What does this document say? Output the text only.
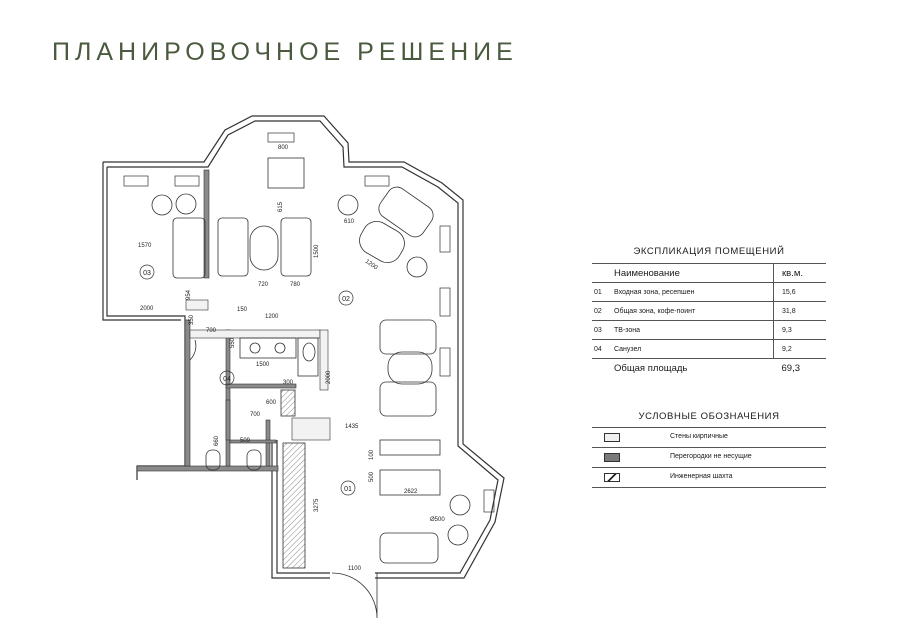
ПЛАНИРОВОЧНОЕ РЕШЕНИЕ
03
02
04
01
800
615
1570
720	780
1500
610
1200
2000
954
350
150
1200
700
550
1500
2000
300
600
700
1435
660	509
100
500
2622
3275
Ø500
1100
ЭКСПЛИКАЦИЯ ПОМЕЩЕНИЙ
	Наименование	кв.м.
01	Входная зона, ресепшен	15,6
02	Общая зона, кофе-поинт	31,8
03	ТВ-зона	9,3
04	Санузел	9,2
	Общая площадь	69,3
УСЛОВНЫЕ ОБОЗНАЧЕНИЯ
Стены кирпичные
Перегородки не несущие
Инженерная шахта
